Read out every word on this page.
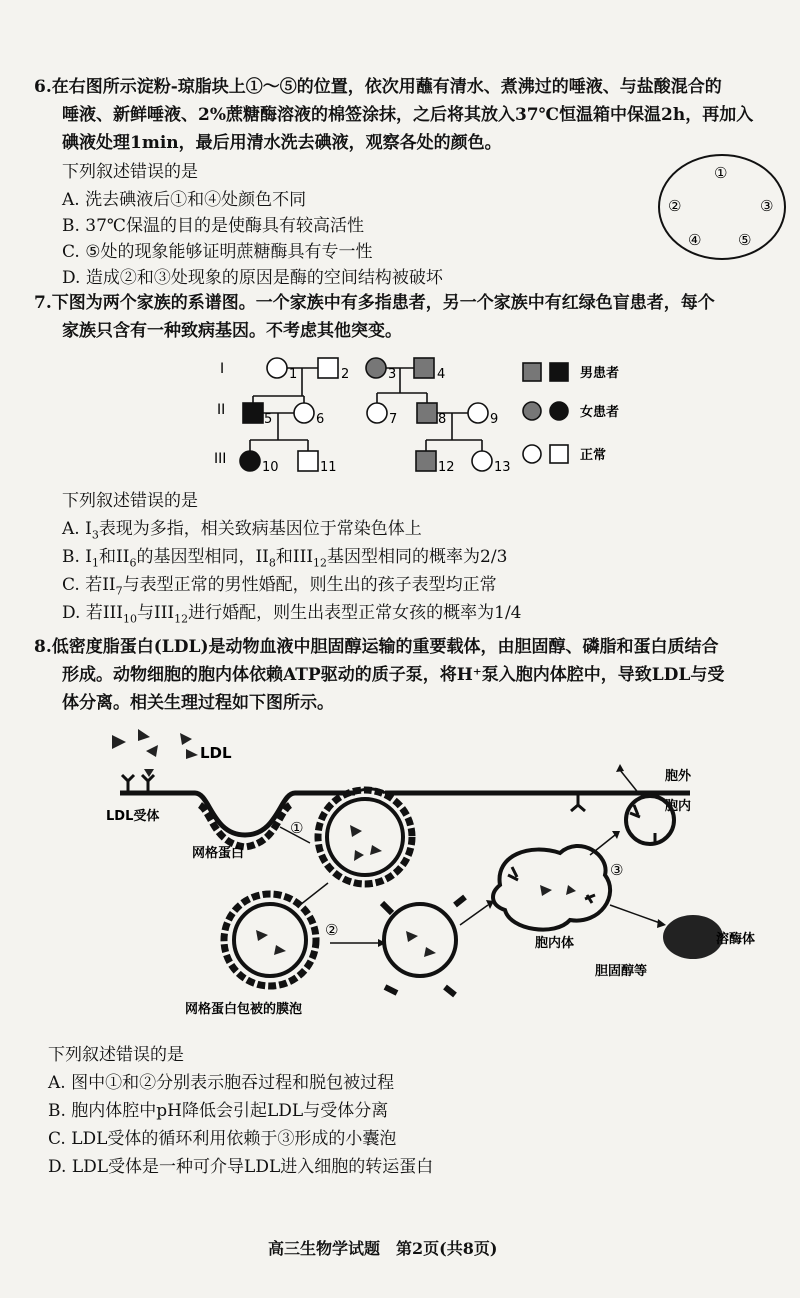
6.在右图所示淀粉-琼脂块上①～⑤的位置，依次用蘸有清水、煮沸过的唾液、与盐酸混合的
唾液、新鲜唾液、2%蔗糖酶溶液的棉签涂抹，之后将其放入37℃恒温箱中保温2h，再加入
碘液处理1min，最后用清水洗去碘液，观察各处的颜色。
下列叙述错误的是
A. 洗去碘液后①和④处颜色不同
B. 37℃保温的目的是使酶具有较高活性
C. ⑤处的现象能够证明蔗糖酶具有专一性
D. 造成②和③处现象的原因是酶的空间结构被破坏
①
②	③
④ ⑤
7.下图为两个家族的系谱图。一个家族中有多指患者，另一个家族中有红绿色盲患者，每个
家族只含有一种致病基因。不考虑其他突变。
I
II
III
1	2	3	4
5	6	7	8	9
10	11	12	13
男患者
女患者
正常
下列叙述错误的是
A. $I_3$表现为多指，相关致病基因位于常染色体上
B. $I_1$和$II_6$的基因型相同，$II_8$和$III_{12}$基因型相同的概率为2/3
C. 若$II_7$与表型正常的男性婚配，则生出的孩子表型均正常
D. 若$III_{10}$与$III_{12}$进行婚配，则生出表型正常女孩的概率为1/4
8.低密度脂蛋白(LDL)是动物血液中胆固醇运输的重要载体，由胆固醇、磷脂和蛋白质结合
形成。动物细胞的胞内体依赖ATP驱动的质子泵，将H⁺泵入胞内体腔中，导致LDL与受
体分离。相关生理过程如下图所示。
LDL
LDL受体
网格蛋白
胞外
胞内
①
网格蛋白包被的膜泡
②
胞内体
③
溶酶体
胆固醇等
下列叙述错误的是
A. 图中①和②分别表示胞吞过程和脱包被过程
B. 胞内体腔中pH降低会引起LDL与受体分离
C. LDL受体的循环利用依赖于③形成的小囊泡
D. LDL受体是一种可介导LDL进入细胞的转运蛋白
高三生物学试题　第2页(共8页)
